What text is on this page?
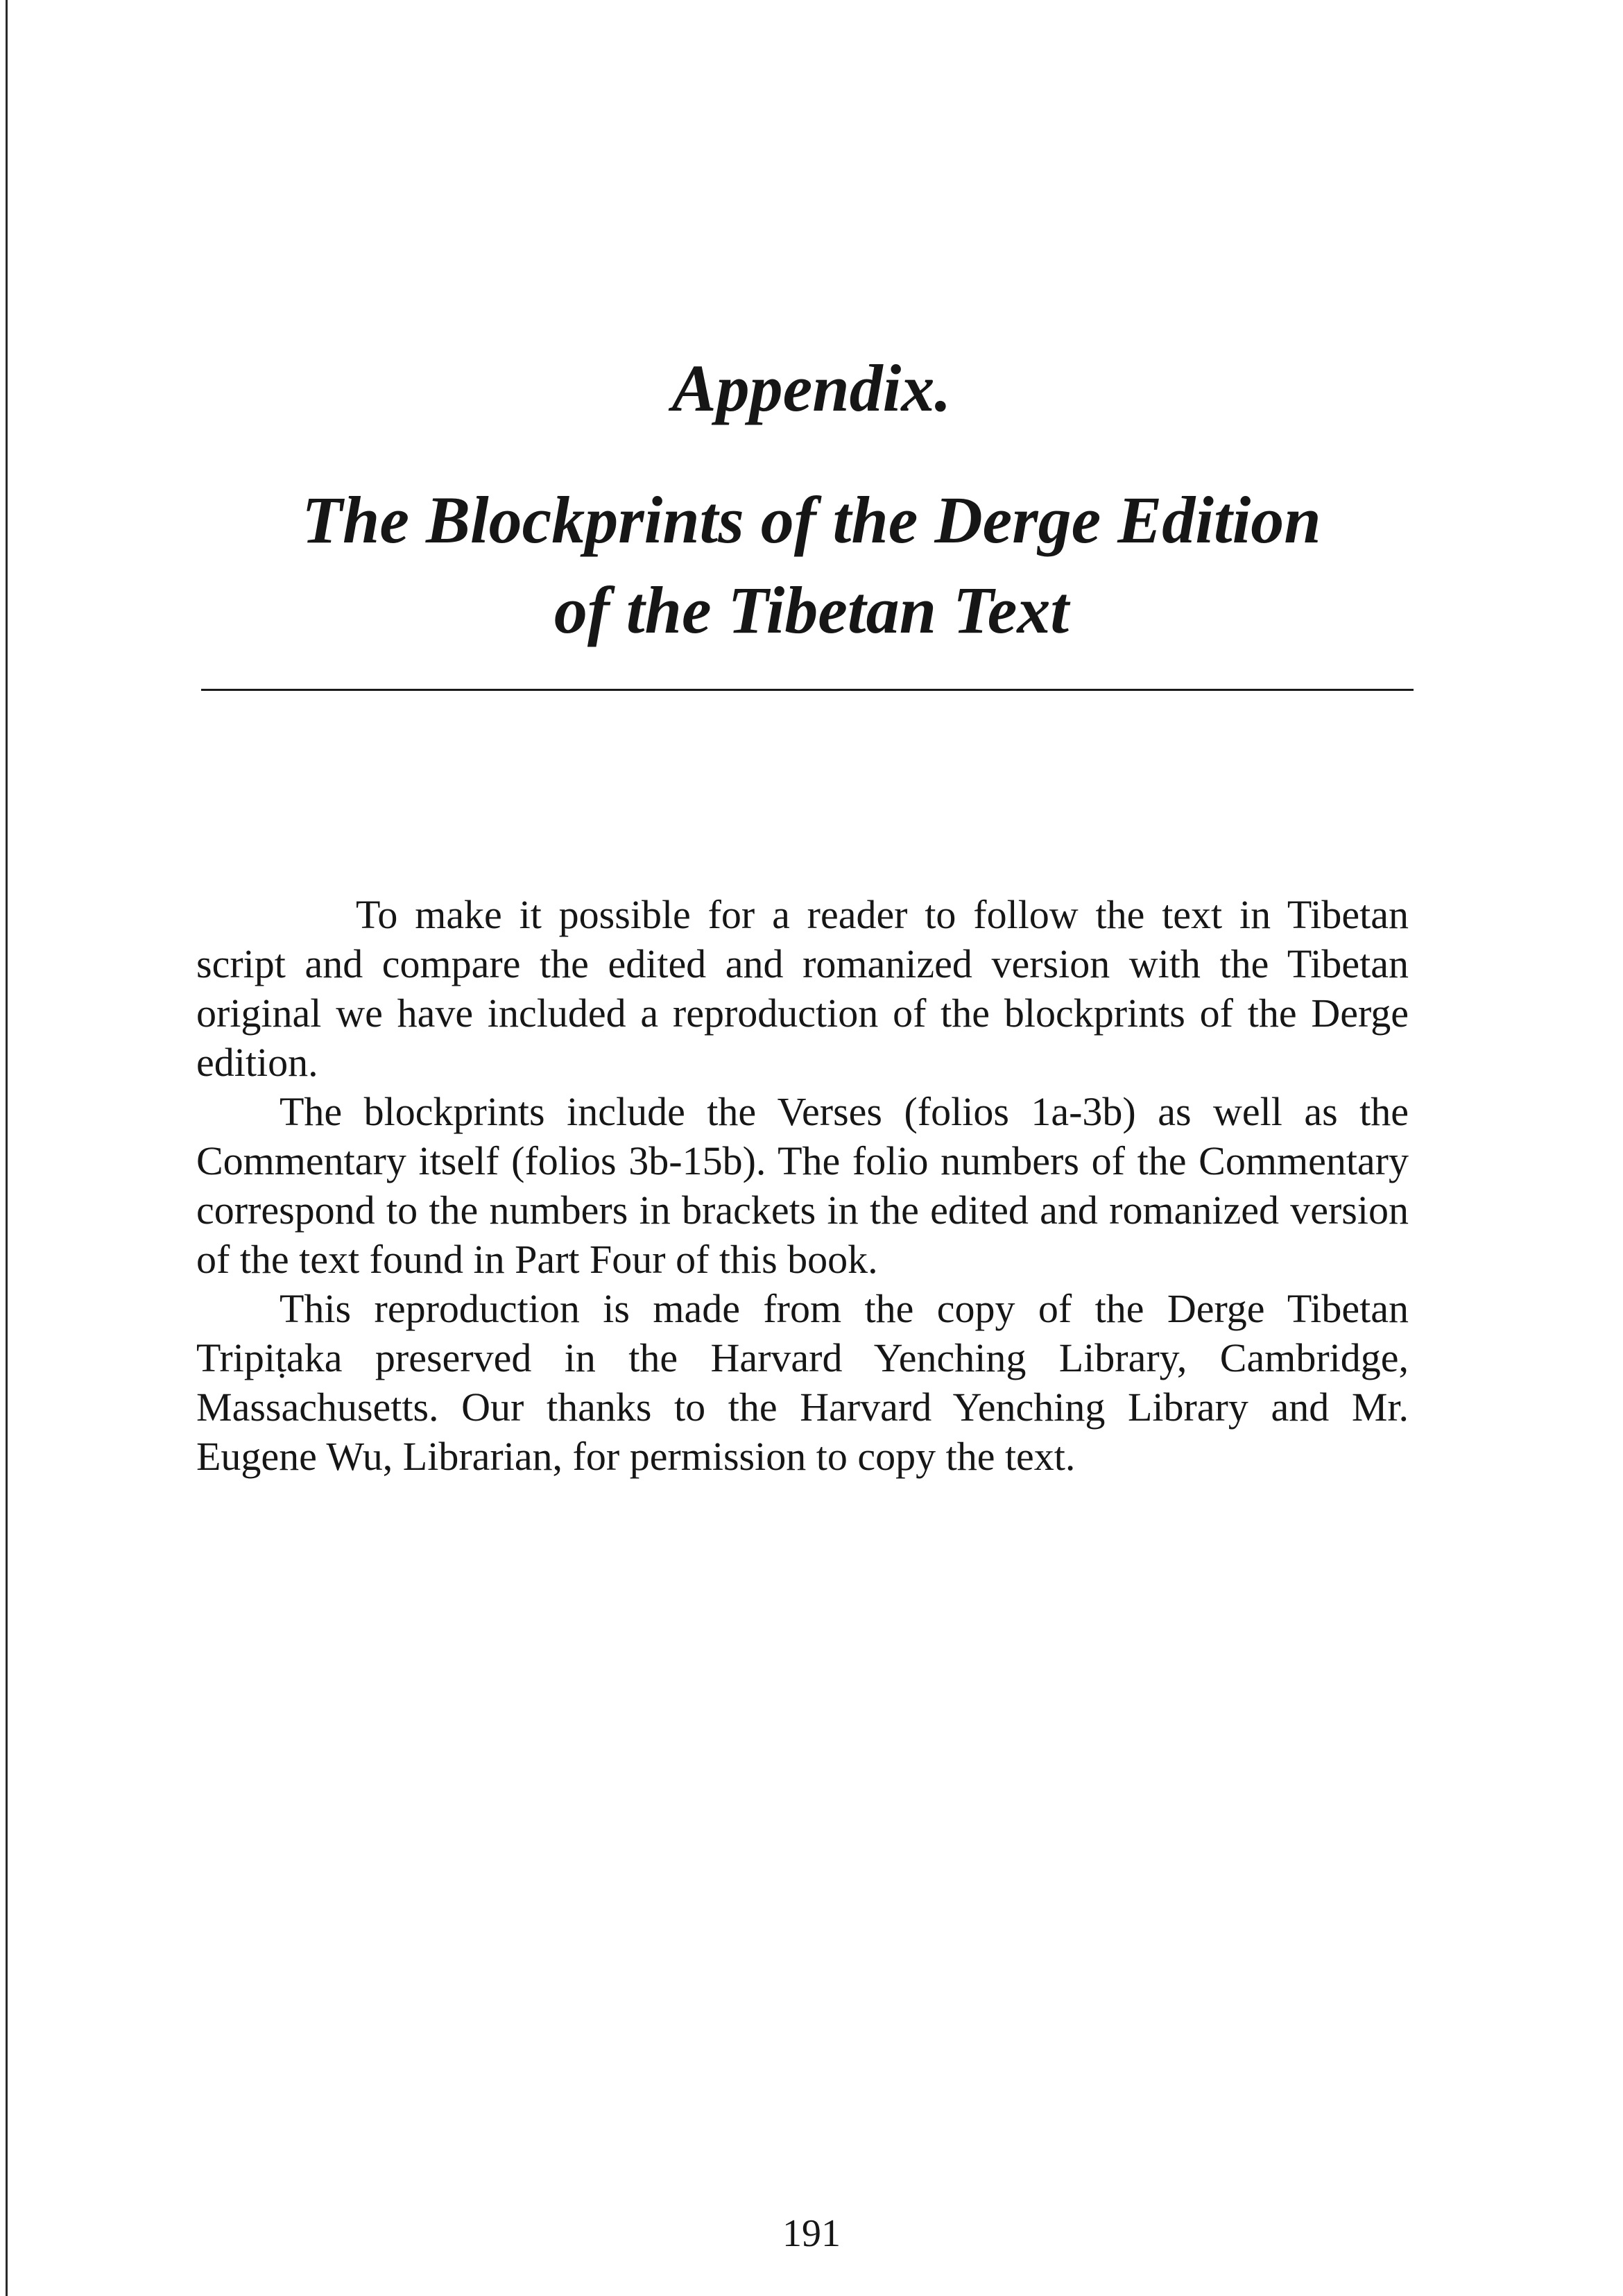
Appendix.
The Blockprints of the Derge Edition
of the Tibetan Text

To make it possible for a reader to follow the text in Tibetan script and compare the edited and romanized version with the Tibetan original we have included a reproduction of the blockprints of the Derge edition.

The blockprints include the Verses (folios 1a-3b) as well as the Commentary itself (folios 3b-15b). The folio numbers of the Commentary correspond to the numbers in brackets in the edited and romanized version of the text found in Part Four of this book.

This reproduction is made from the copy of the Derge Tibetan Tripiṭaka preserved in the Harvard Yenching Library, Cambridge, Massachusetts. Our thanks to the Harvard Yenching Library and Mr. Eugene Wu, Librarian, for permission to copy the text.

191
